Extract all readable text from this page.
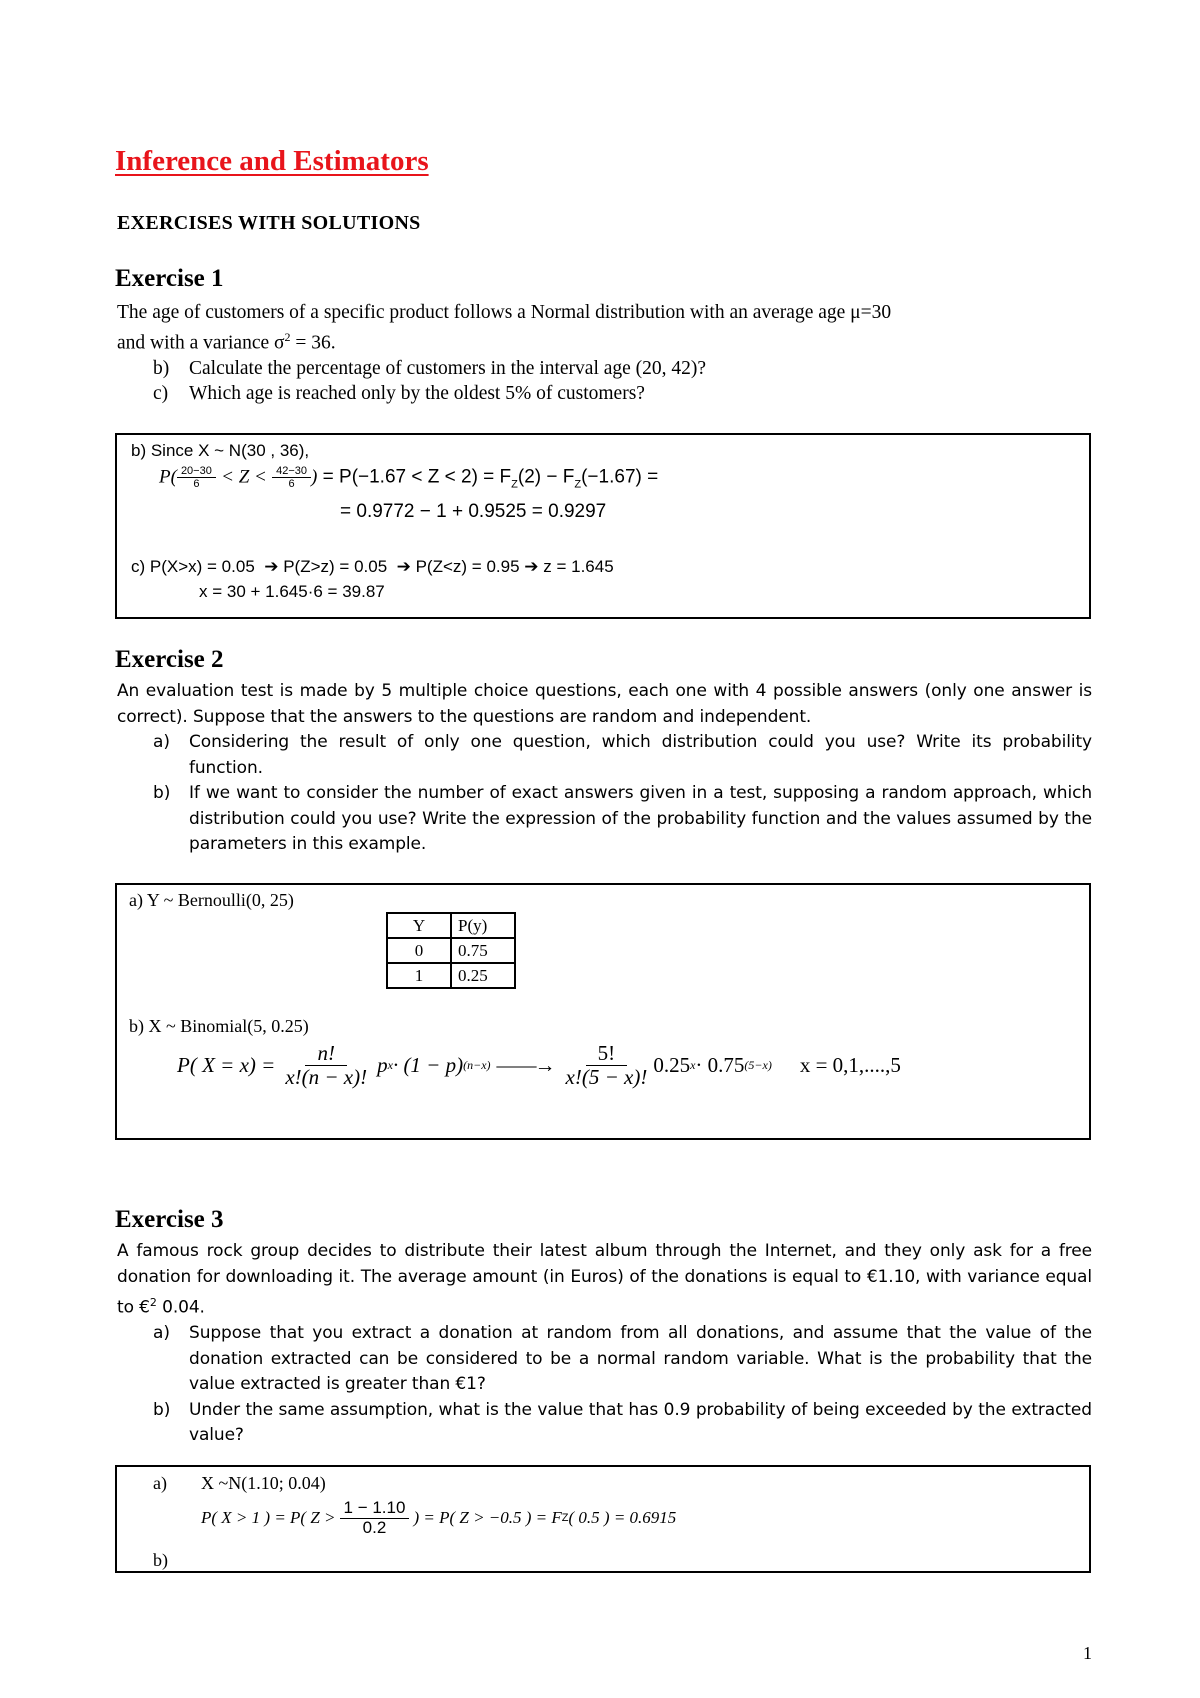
Inference and Estimators
EXERCISES WITH SOLUTIONS
Exercise 1
The age of customers of a specific product follows a Normal distribution with an average age μ=30
and with a variance $\sigma^2 = 36$.
b) Calculate the percentage of customers in the interval age (20, 42)?
c) Which age is reached only by the oldest 5% of customers?
b) Since X ~ N(30 , 36),
$P( \frac{20-30}{6} < Z < \frac{42-30}{6}$ ) = $P(-1.67 < Z < 2) = F_Z(2) - F_Z(-1.67)$ =
= 0.9772 − 1 + 0.9525 = 0.9297
c) P(X>x) = 0.05 ➔ P(Z>z) = 0.05 ➔ P(Z<z) = 0.95 ➔ z = 1.645
x = 30 + 1.645·6 = 39.87
Exercise 2
An evaluation test is made by 5 multiple choice questions, each one with 4 possible answers (only one answer is correct). Suppose that the answers to the questions are random and independent.
a) Considering the result of only one question, which distribution could you use? Write its probability function.
b) If we want to consider the number of exact answers given in a test, supposing a random approach, which distribution could you use? Write the expression of the probability function and the values assumed by the parameters in this example.
a) Y ~ Bernoulli(0, 25)
Y	P(y)
0	0.75
1	0.25
b) X ~ Binomial(5, 0.25)
P( $X = x) = \frac{n!}{x!(n - x)!}$ p x · (1 − p) (n−x) ——→ $\frac{5!}{x!(5 - x)!} 0.25$ x · 0.75 (5−x) x = 0,1,....,5
Exercise 3
A famous rock group decides to distribute their latest album through the Internet, and they only ask for a free donation for downloading it. The average amount (in Euros) of the donations is equal to €1.10, with variance equal to €$^2$ 0.04.
a) Suppose that you extract a donation at random from all donations, and assume that the value of the donation extracted can be considered to be a normal random variable. What is the probability that the value extracted is greater than €1?
b) Under the same assumption, what is the value that has 0.9 probability of being exceeded by the extracted value?
a) X ~N(1.10; 0.04)
P( X > 1 ) = P( $Z > \frac{1 - 1.10}{0.2}$ ) = P( Z > −0.5 ) = F Z ( 0.5 ) = 0.6915
b)
1
